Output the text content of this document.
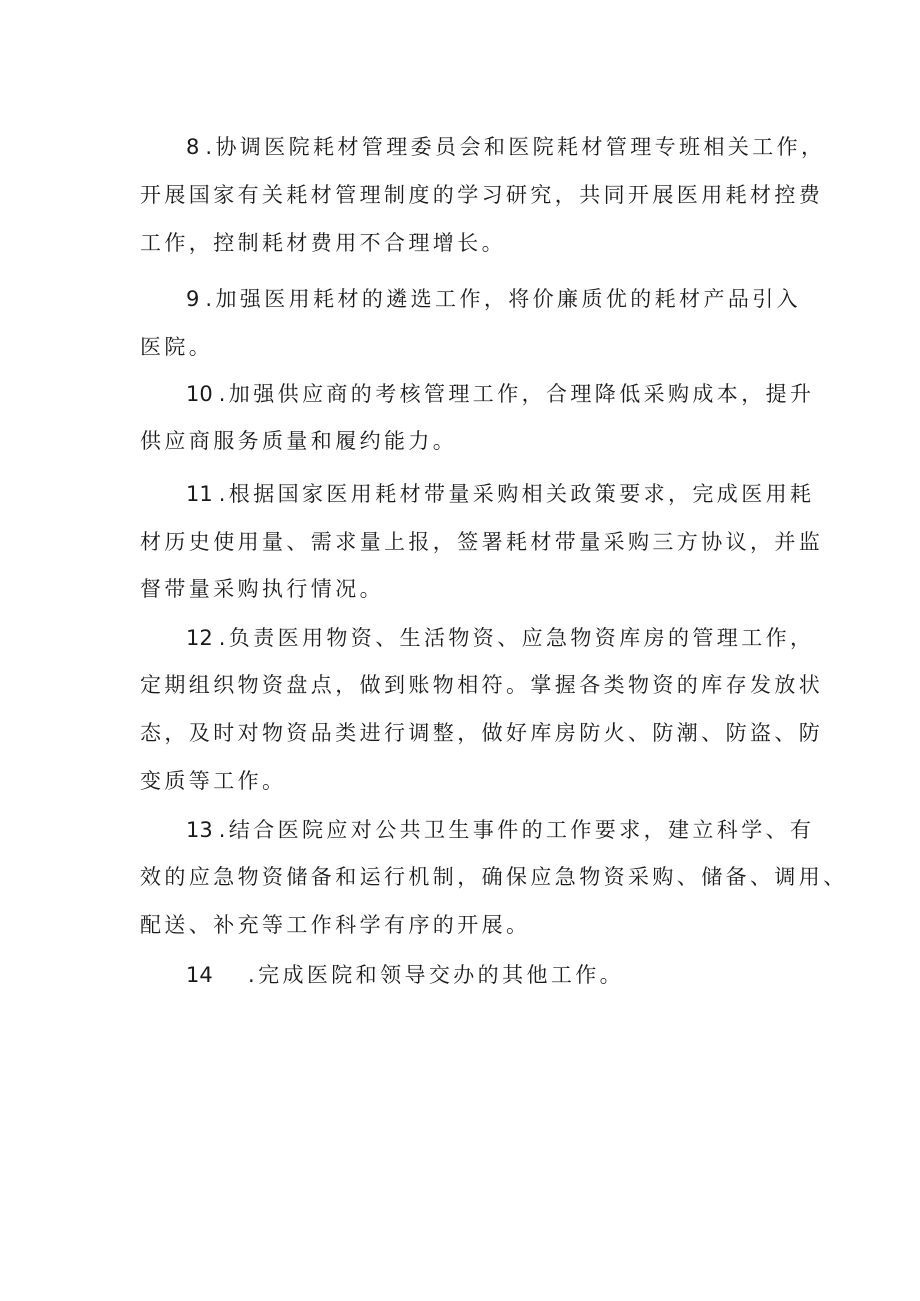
8 .协调医院耗材管理委员会和医院耗材管理专班相关工作，
开展国家有关耗材管理制度的学习研究，共同开展医用耗材控费
工作，控制耗材费用不合理增长。
9 .加强医用耗材的遴选工作，将价廉质优的耗材产品引入
医院。
10 .加强供应商的考核管理工作，合理降低采购成本，提升
供应商服务质量和履约能力。
11 .根据国家医用耗材带量采购相关政策要求，完成医用耗
材历史使用量、需求量上报，签署耗材带量采购三方协议，并监
督带量采购执行情况。
12 .负责医用物资、生活物资、应急物资库房的管理工作，
定期组织物资盘点，做到账物相符。掌握各类物资的库存发放状
态，及时对物资品类进行调整，做好库房防火、防潮、防盗、防
变质等工作。
13 .结合医院应对公共卫生事件的工作要求，建立科学、有
效的应急物资储备和运行机制，确保应急物资采购、储备、调用、
配送、补充等工作科学有序的开展。
14 .完成医院和领导交办的其他工作。
